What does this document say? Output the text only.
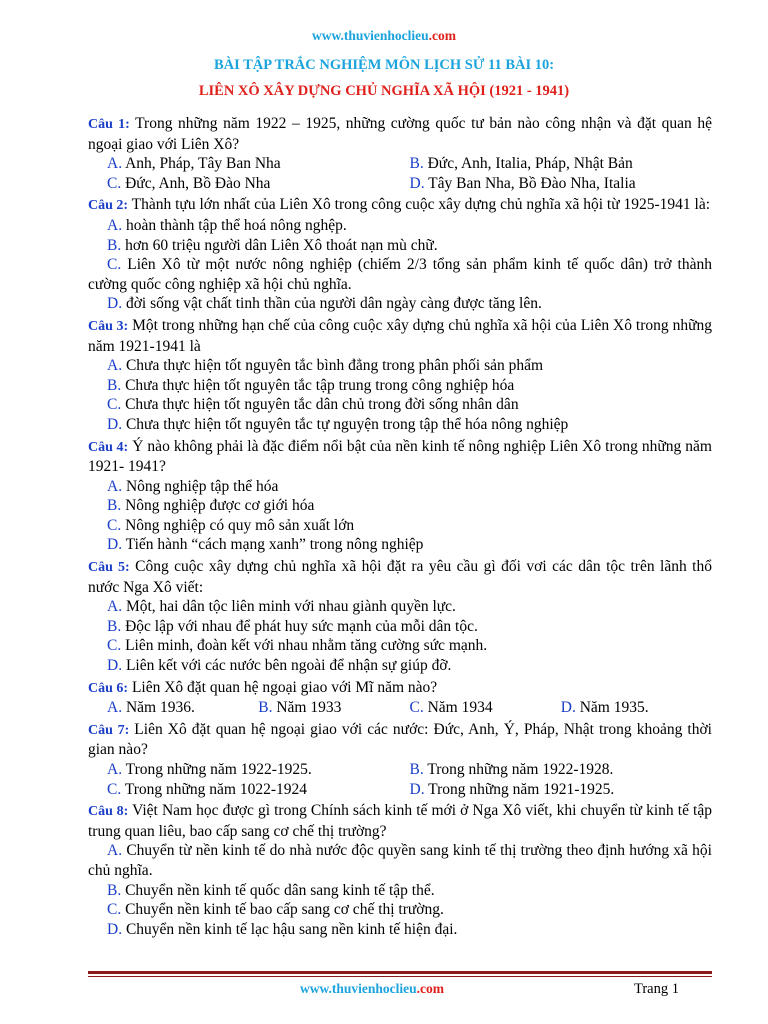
www.thuvienhoclieu.com
BÀI TẬP TRẮC NGHIỆM MÔN LỊCH SỬ 11 BÀI 10:
LIÊN XÔ XÂY DỰNG CHỦ NGHĨA XÃ HỘI (1921 - 1941)
Câu 1: Trong những năm 1922 – 1925, những cường quốc tư bản nào công nhận và đặt quan hệ ngoại giao với Liên Xô?
A. Anh, Pháp, Tây Ban Nha	B. Đức, Anh, Italia, Pháp, Nhật Bản
C. Đức, Anh, Bồ Đào Nha	D. Tây Ban Nha, Bồ Đào Nha, Italia
Câu 2: Thành tựu lớn nhất của Liên Xô trong công cuộc xây dựng chủ nghĩa xã hội từ 1925-1941 là:
A. hoàn thành tập thể hoá nông nghệp.
B. hơn 60 triệu người dân Liên Xô thoát nạn mù chữ.
C. Liên Xô từ một nước nông nghiệp (chiếm 2/3 tổng sản phẩm kinh tế quốc dân) trở thành cường quốc công nghiệp xã hội chủ nghĩa.
D. đời sống vật chất tinh thần của người dân ngày càng được tăng lên.
Câu 3: Một trong những hạn chế của công cuộc xây dựng chủ nghĩa xã hội của Liên Xô trong những năm 1921-1941 là
A. Chưa thực hiện tốt nguyên tắc bình đẳng trong phân phối sản phẩm
B. Chưa thực hiện tốt nguyên tắc tập trung trong công nghiệp hóa
C. Chưa thực hiện tốt nguyên tắc dân chủ trong đời sống nhân dân
D. Chưa thực hiện tốt nguyên tắc tự nguyện trong tập thể hóa nông nghiệp
Câu 4: Ý nào không phải là đặc điểm nổi bật của nền kinh tế nông nghiệp Liên Xô trong những năm 1921- 1941?
A. Nông nghiệp tập thể hóa
B. Nông nghiệp được cơ giới hóa
C. Nông nghiệp có quy mô sản xuất lớn
D. Tiến hành “cách mạng xanh” trong nông nghiệp
Câu 5: Công cuộc xây dựng chủ nghĩa xã hội đặt ra yêu cầu gì đối vơi các dân tộc trên lãnh thổ nước Nga Xô viết:
A. Một, hai dân tộc liên minh với nhau giành quyền lực.
B. Độc lập với nhau để phát huy sức mạnh của mỗi dân tộc.
C. Liên minh, đoàn kết với nhau nhằm tăng cường sức mạnh.
D. Liên kết với các nước bên ngoài để nhận sự giúp đỡ.
Câu 6: Liên Xô đặt quan hệ ngoại giao với Mĩ năm nào?
A. Năm 1936.	B. Năm 1933	C. Năm 1934	D. Năm 1935.
Câu 7: Liên Xô đặt quan hệ ngoại giao với các nước: Đức, Anh, Ý, Pháp, Nhật trong khoảng thời gian nào?
A. Trong những năm 1922-1925.	B. Trong những năm 1922-1928.
C. Trong những năm 1022-1924	D. Trong những năm 1921-1925.
Câu 8: Việt Nam học được gì trong Chính sách kinh tế mới ở Nga Xô viết, khi chuyển từ kinh tế tập trung quan liêu, bao cấp sang cơ chế thị trường?
A. Chuyển từ nền kinh tế do nhà nước độc quyền sang kinh tế thị trường theo định hướng xã hội chủ nghĩa.
B. Chuyển nền kinh tế quốc dân sang kinh tế tập thể.
C. Chuyển nền kinh tế bao cấp sang cơ chế thị trường.
D. Chuyển nền kinh tế lạc hậu sang nền kinh tế hiện đại.
www.thuvienhoclieu.com	Trang 1
